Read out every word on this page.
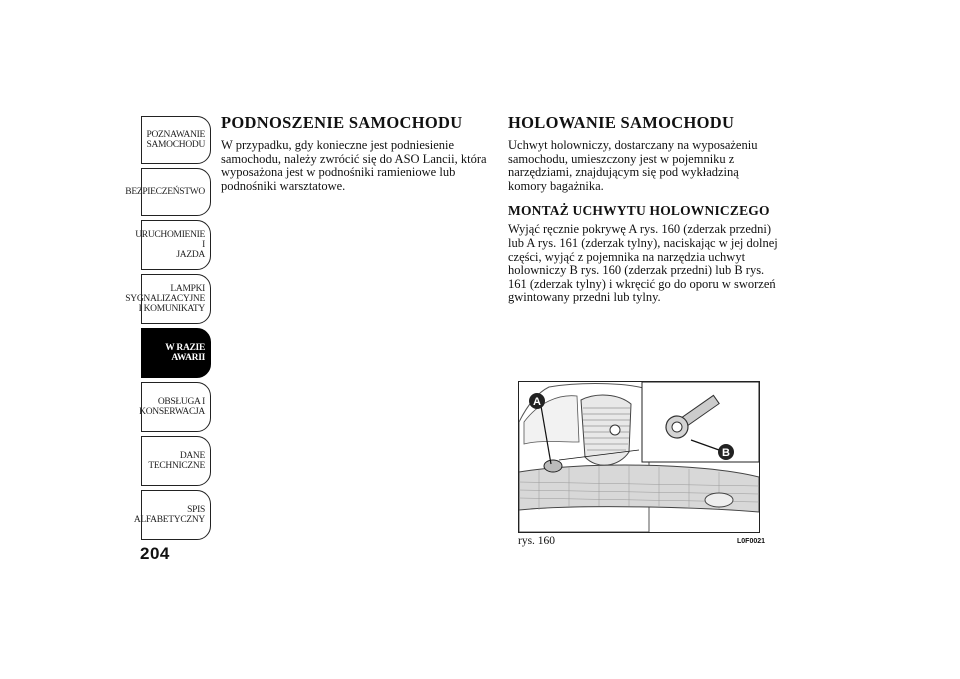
POZNAWANIE
SAMOCHODU
BEZPIECZEŃSTWO
URUCHOMIENIE I
JAZDA
LAMPKI
SYGNALIZACYJNE
I KOMUNIKATY
W RAZIE AWARII
OBSŁUGA I
KONSERWACJA
DANE
TECHNICZNE
SPIS
ALFABETYCZNY
204
PODNOSZENIE SAMOCHODU

W przypadku, gdy konieczne jest podniesienie samochodu, należy zwrócić się do ASO Lancii, która wyposażona jest w podnośniki ramieniowe lub podnośniki warsztatowe.

HOLOWANIE SAMOCHODU

Uchwyt holowniczy, dostarczany na wyposażeniu samochodu, umieszczony jest w pojemniku z narzędziami, znajdującym się pod wykładziną komory bagażnika.

MONTAŻ UCHWYTU HOLOWNICZEGO

Wyjąć ręcznie pokrywę A rys. 160 (zderzak przedni) lub A rys. 161 (zderzak tylny), naciskając w jej dolnej części, wyjąć z pojemnika na narzędzia uchwyt holowniczy B rys. 160 (zderzak przedni) lub B rys. 161 (zderzak tylny) i wkręcić go do oporu w sworzeń gwintowany przedni lub tylny.

A
B
rys. 160	L0F0021
